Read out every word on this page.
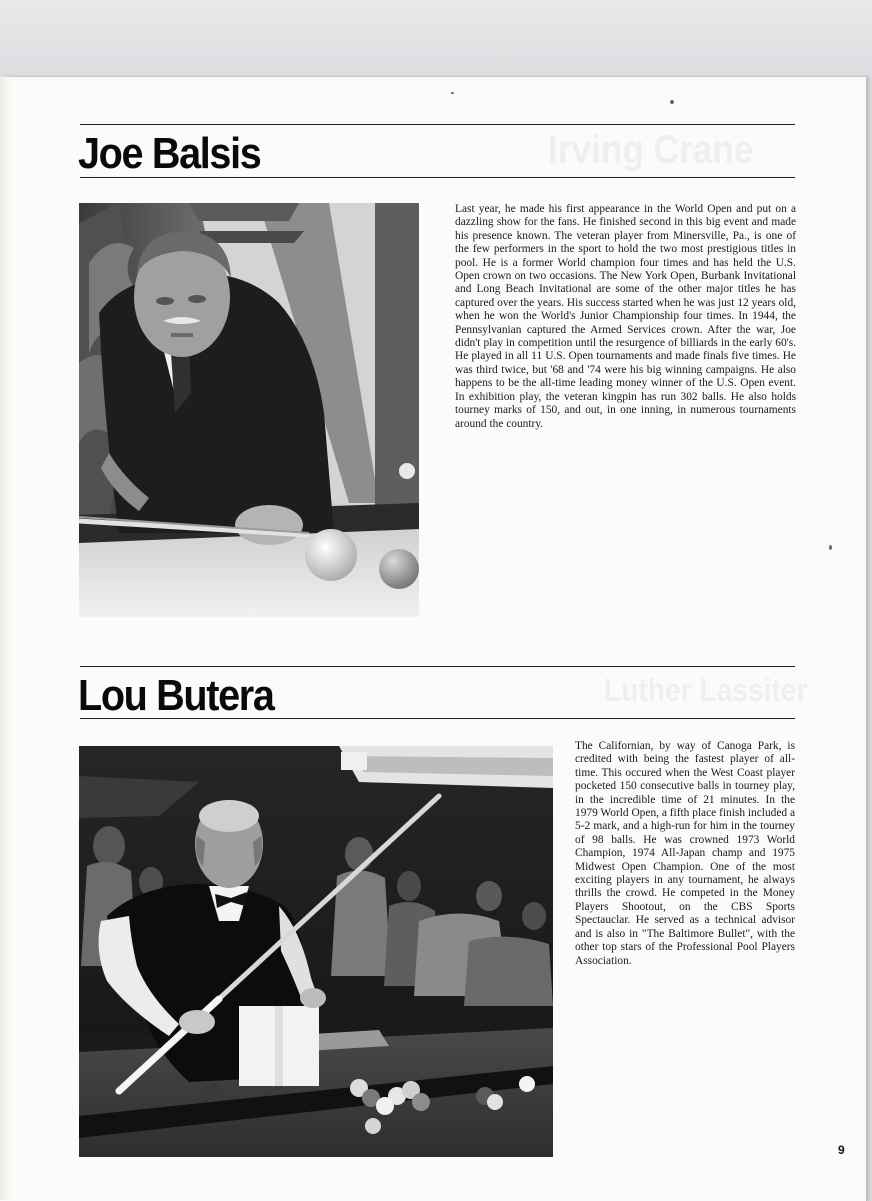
Irving Crane
Luther Lassiter
Joe Balsis

Last year, he made his first appearance in the World Open and put on a dazzling show for the fans. He finished second in this big event and made his presence known. The veteran player from Minersville, Pa., is one of the few performers in the sport to hold the two most prestigious titles in pool. He is a former World champion four times and has held the U.S. Open crown on two occasions. The New York Open, Burbank Invitational and Long Beach Invitational are some of the other major titles he has captured over the years. His success started when he was just 12 years old, when he won the World's Junior Championship four times. In 1944, the Pennsylvanian captured the Armed Services crown. After the war, Joe didn't play in competition until the resurgence of billiards in the early 60's. He played in all 11 U.S. Open tournaments and made finals five times. He was third twice, but '68 and '74 were his big winning campaigns. He also happens to be the all-time leading money winner of the U.S. Open event. In exhibition play, the veteran kingpin has run 302 balls. He also holds tourney marks of 150, and out, in one inning, in numerous tournaments around the country.

Lou Butera

The Californian, by way of Canoga Park, is credited with being the fastest player of all-time. This occured when the West Coast player pocketed 150 consecutive balls in tourney play, in the incredible time of 21 minutes. In the 1979 World Open, a fifth place finish included a 5-2 mark, and a high-run for him in the tourney of 98 balls. He was crowned 1973 World Champion, 1974 All-Japan champ and 1975 Midwest Open Champion. One of the most exciting players in any tournament, he always thrills the crowd. He competed in the Money Players Shootout, on the CBS Sports Spectauclar. He served as a technical advisor and is also in "The Baltimore Bullet", with the other top stars of the Professional Pool Players Association.

9
